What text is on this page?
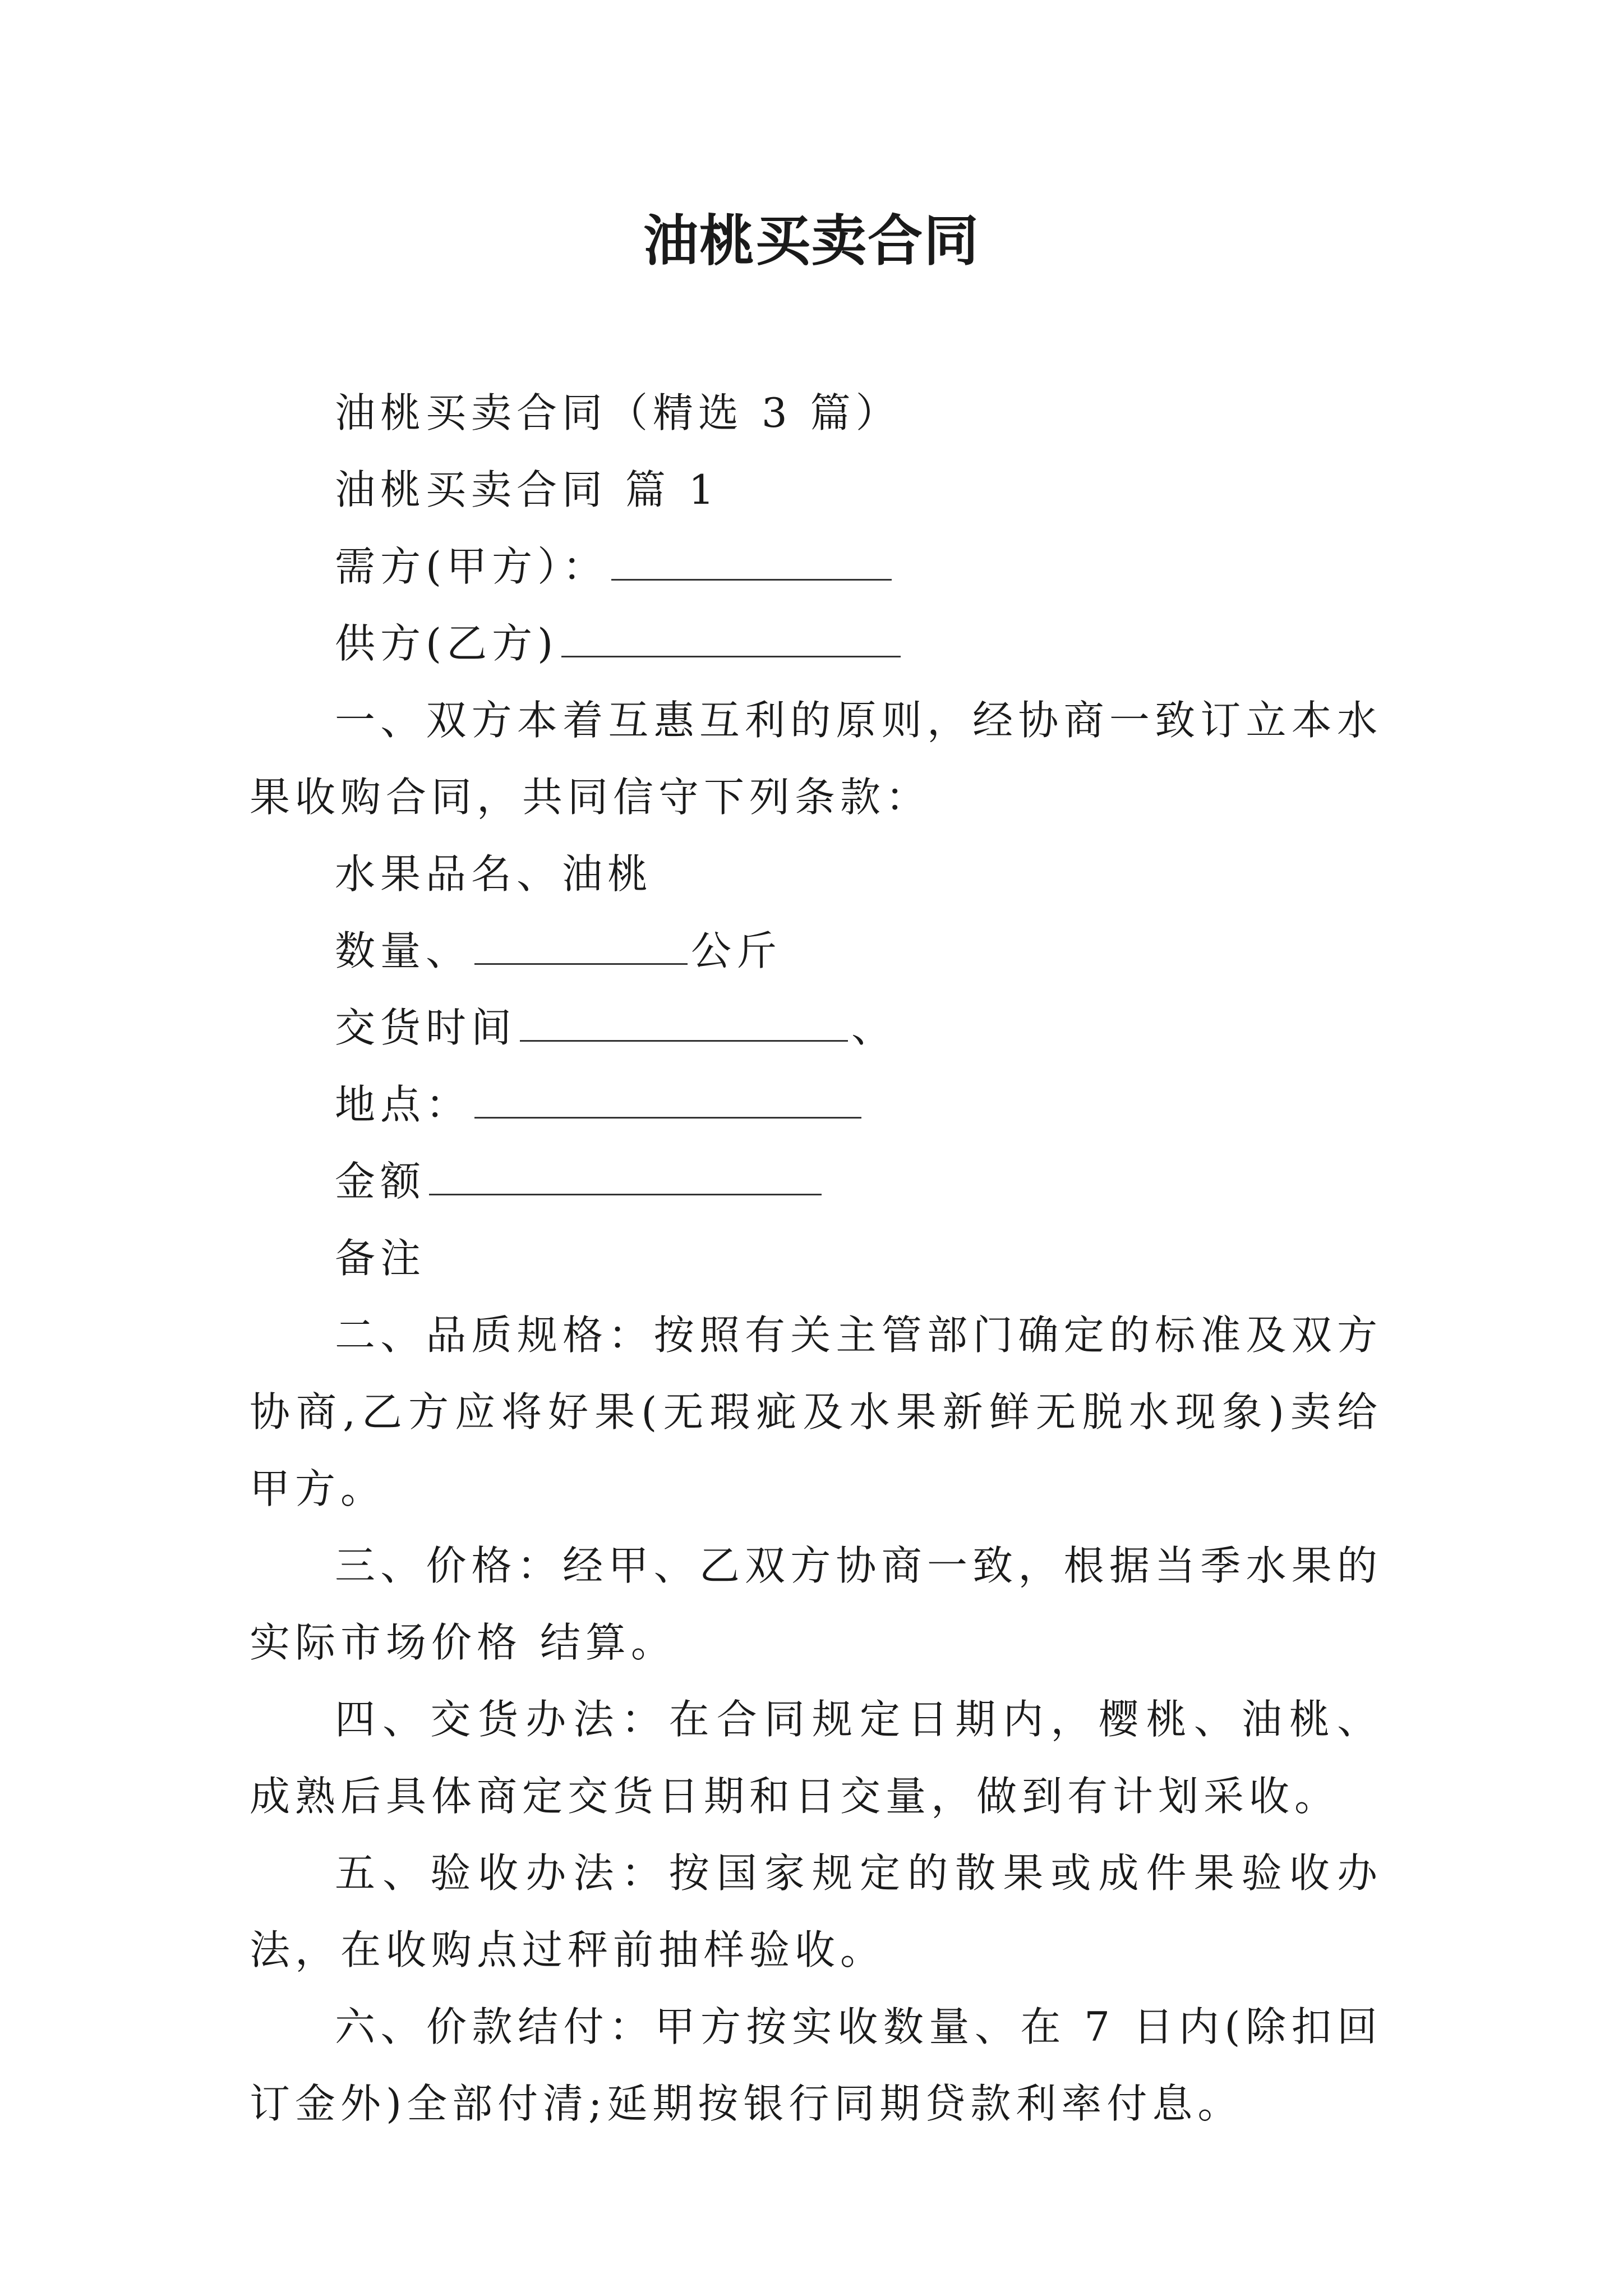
油桃买卖合同

油桃买卖合同（精选 3 篇）

油桃买卖合同 篇 1

需方(甲方）：

供方(乙方)

一、双方本着互惠互利的原则，经协商一致订立本水果收购合同，共同信守下列条款：

水果品名、油桃

数量、	公斤

交货时间	、

地点：

金额

备注

二、品质规格：按照有关主管部门确定的标准及双方协商,乙方应将好果(无瑕疵及水果新鲜无脱水现象)卖给甲方。

三、价格：经甲、乙双方协商一致，根据当季水果的实际市场价格 结算。

四、交货办法：在合同规定日期内，樱桃、油桃、 成熟后具体商定交货日期和日交量，做到有计划采收。

五、验收办法：按国家规定的散果或成件果验收办法，在收购点过秤前抽样验收。

六、价款结付：甲方按实收数量、在 7 日内(除扣回订金外)全部付清;延期按银行同期贷款利率付息。
